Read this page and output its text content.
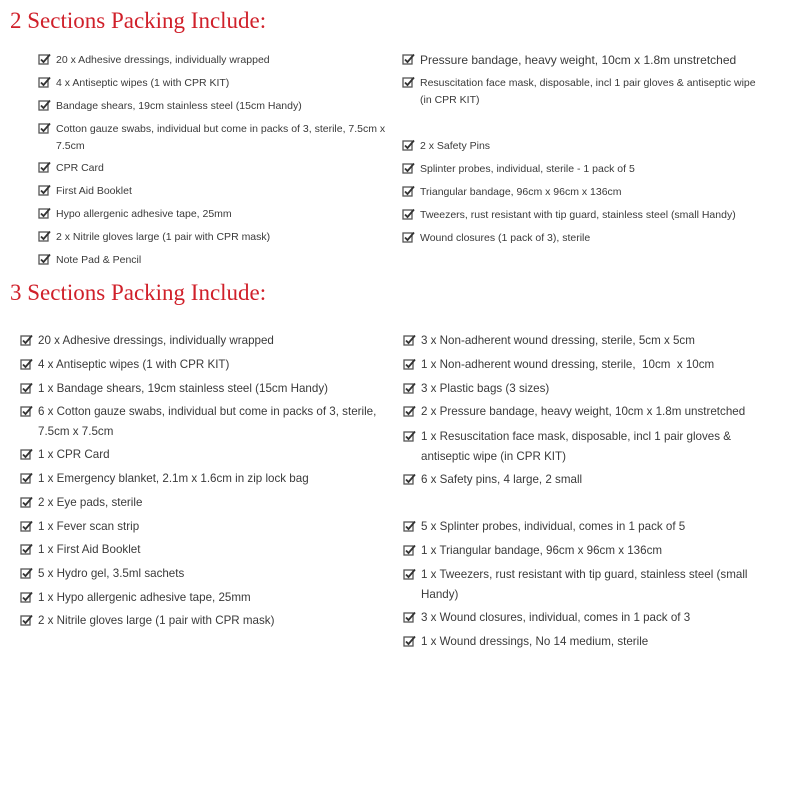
2 Sections Packing Include:
20 x Adhesive dressings, individually wrapped
4 x Antiseptic wipes (1 with CPR KIT)
Bandage shears, 19cm stainless steel (15cm Handy)
Cotton gauze swabs, individual but come in packs of 3, sterile, 7.5cm x 7.5cm
CPR Card
First Aid Booklet
Hypo allergenic adhesive tape, 25mm
2 x Nitrile gloves large (1 pair with CPR mask)
Note Pad & Pencil
Pressure bandage, heavy weight, 10cm x 1.8m unstretched
Resuscitation face mask, disposable, incl 1 pair gloves & antiseptic wipe (in CPR KIT)
2 x Safety Pins
Splinter probes, individual, sterile - 1 pack of 5
Triangular bandage, 96cm x 96cm x 136cm
Tweezers, rust resistant with tip guard, stainless steel (small Handy)
Wound closures (1 pack of 3), sterile
3 Sections Packing Include:
20 x Adhesive dressings, individually wrapped
4 x Antiseptic wipes (1 with CPR KIT)
1 x Bandage shears, 19cm stainless steel (15cm Handy)
6 x Cotton gauze swabs, individual but come in packs of 3, sterile, 7.5cm x 7.5cm
1 x CPR Card
1 x Emergency blanket, 2.1m x 1.6cm in zip lock bag
2 x Eye pads, sterile
1 x Fever scan strip
1 x First Aid Booklet
5 x Hydro gel, 3.5ml sachets
1 x Hypo allergenic adhesive tape, 25mm
2 x Nitrile gloves large (1 pair with CPR mask)
3 x Non-adherent wound dressing, sterile, 5cm x 5cm
1 x Non-adherent wound dressing, sterile,  10cm  x 10cm
3 x Plastic bags (3 sizes)
2 x Pressure bandage, heavy weight, 10cm x 1.8m unstretched
1 x Resuscitation face mask, disposable, incl 1 pair gloves & antiseptic wipe (in CPR KIT)
6 x Safety pins, 4 large, 2 small
5 x Splinter probes, individual, comes in 1 pack of 5
1 x Triangular bandage, 96cm x 96cm x 136cm
1 x Tweezers, rust resistant with tip guard, stainless steel (small Handy)
3 x Wound closures, individual, comes in 1 pack of 3
1 x Wound dressings, No 14 medium, sterile
